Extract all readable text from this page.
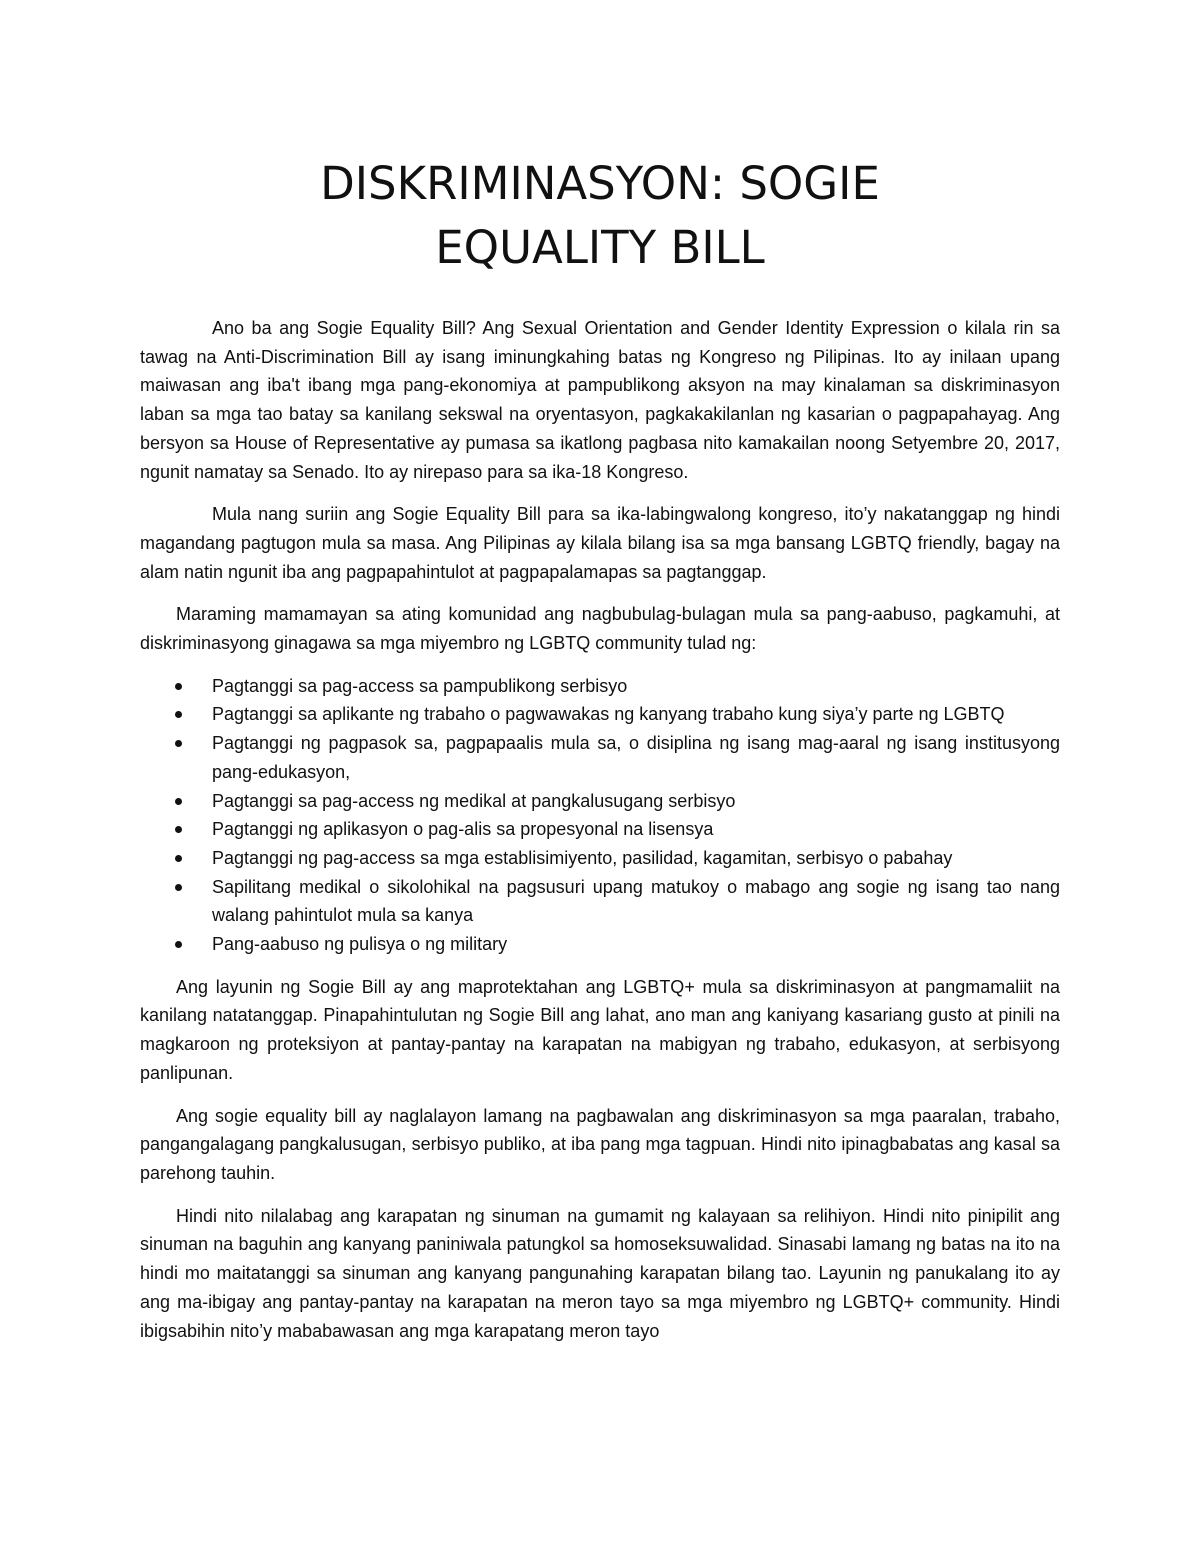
DISKRIMINASYON: SOGIE
EQUALITY BILL

Ano ba ang Sogie Equality Bill? Ang Sexual Orientation and Gender Identity Expression o kilala rin sa tawag na Anti-Discrimination Bill ay isang iminungkahing batas ng Kongreso ng Pilipinas. Ito ay inilaan upang maiwasan ang iba't ibang mga pang-ekonomiya at pampublikong aksyon na may kinalaman sa diskriminasyon laban sa mga tao batay sa kanilang sekswal na oryentasyon, pagkakakilanlan ng kasarian o pagpapahayag. Ang bersyon sa House of Representative ay pumasa sa ikatlong pagbasa nito kamakailan noong Setyembre 20, 2017, ngunit namatay sa Senado. Ito ay nirepaso para sa ika-18 Kongreso.

Mula nang suriin ang Sogie Equality Bill para sa ika-labingwalong kongreso, ito’y nakatanggap ng hindi magandang pagtugon mula sa masa. Ang Pilipinas ay kilala bilang isa sa mga bansang LGBTQ friendly, bagay na alam natin ngunit iba ang pagpapahintulot at pagpapalamapas sa pagtanggap.

Maraming mamamayan sa ating komunidad ang nagbubulag-bulagan mula sa pang-aabuso, pagkamuhi, at diskriminasyong ginagawa sa mga miyembro ng LGBTQ community tulad ng:

Pagtanggi sa pag-access sa pampublikong serbisyo
Pagtanggi sa aplikante ng trabaho o pagwawakas ng kanyang trabaho kung siya’y parte ng LGBTQ
Pagtanggi ng pagpasok sa, pagpapaalis mula sa, o disiplina ng isang mag-aaral ng isang institusyong pang-edukasyon,
Pagtanggi sa pag-access ng medikal at pangkalusugang serbisyo
Pagtanggi ng aplikasyon o pag-alis sa propesyonal na lisensya
Pagtanggi ng pag-access sa mga establisimiyento, pasilidad, kagamitan, serbisyo o pabahay
Sapilitang medikal o sikolohikal na pagsusuri upang matukoy o mabago ang sogie ng isang tao nang walang pahintulot mula sa kanya
Pang-aabuso ng pulisya o ng military

Ang layunin ng Sogie Bill ay ang maprotektahan ang LGBTQ+ mula sa diskriminasyon at pangmamaliit na kanilang natatanggap. Pinapahintulutan ng Sogie Bill ang lahat, ano man ang kaniyang kasariang gusto at pinili na magkaroon ng proteksiyon at pantay-pantay na karapatan na mabigyan ng trabaho, edukasyon, at serbisyong panlipunan.

Ang sogie equality bill ay naglalayon lamang na pagbawalan ang diskriminasyon sa mga paaralan, trabaho, pangangalagang pangkalusugan, serbisyo publiko, at iba pang mga tagpuan. Hindi nito ipinagbabatas ang kasal sa parehong tauhin.

Hindi nito nilalabag ang karapatan ng sinuman na gumamit ng kalayaan sa relihiyon. Hindi nito pinipilit ang sinuman na baguhin ang kanyang paniniwala patungkol sa homoseksuwalidad. Sinasabi lamang ng batas na ito na hindi mo maitatanggi sa sinuman ang kanyang pangunahing karapatan bilang tao. Layunin ng panukalang ito ay ang ma-ibigay ang pantay-pantay na karapatan na meron tayo sa mga miyembro ng LGBTQ+ community. Hindi ibigsabihin nito’y mababawasan ang mga karapatang meron tayo
